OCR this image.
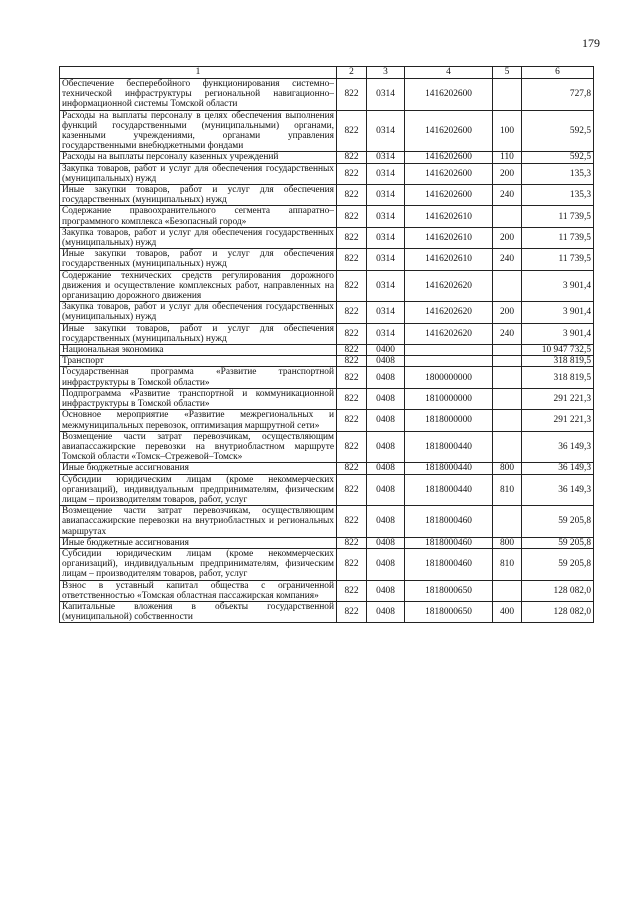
179
1	2	3	4	5	6
Обеспечение бесперебойного функционирования системно–технической инфраструктуры региональной навигационно–информационной системы Томской области	822	0314	1416202600		727,8
Расходы на выплаты персоналу в целях обеспечения выполнения функций государственными (муниципальными) органами, казенными учреждениями, органами управления государственными внебюджетными фондами	822	0314	1416202600	100	592,5
Расходы на выплаты персоналу казенных учреждений	822	0314	1416202600	110	592,5
Закупка товаров, работ и услуг для обеспечения государственных (муниципальных) нужд	822	0314	1416202600	200	135,3
Иные закупки товаров, работ и услуг для обеспечения государственных (муниципальных) нужд	822	0314	1416202600	240	135,3
Содержание правоохранительного сегмента аппаратно–программного комплекса «Безопасный город»	822	0314	1416202610		11 739,5
Закупка товаров, работ и услуг для обеспечения государственных (муниципальных) нужд	822	0314	1416202610	200	11 739,5
Иные закупки товаров, работ и услуг для обеспечения государственных (муниципальных) нужд	822	0314	1416202610	240	11 739,5
Содержание технических средств регулирования дорожного движения и осуществление комплексных работ, направленных на организацию дорожного движения	822	0314	1416202620		3 901,4
Закупка товаров, работ и услуг для обеспечения государственных (муниципальных) нужд	822	0314	1416202620	200	3 901,4
Иные закупки товаров, работ и услуг для обеспечения государственных (муниципальных) нужд	822	0314	1416202620	240	3 901,4
Национальная экономика	822	0400			10 947 732,5
Транспорт	822	0408			318 819,5
Государственная программа «Развитие транспортной инфраструктуры в Томской области»	822	0408	1800000000		318 819,5
Подпрограмма «Развитие транспортной и коммуникационной инфраструктуры в Томской области»	822	0408	1810000000		291 221,3
Основное мероприятие «Развитие межрегиональных и межмуниципальных перевозок, оптимизация маршрутной сети»	822	0408	1818000000		291 221,3
Возмещение части затрат перевозчикам, осуществляющим авиапассажирские перевозки на внутриобластном маршруте Томской области «Томск–Стрежевой–Томск»	822	0408	1818000440		36 149,3
Иные бюджетные ассигнования	822	0408	1818000440	800	36 149,3
Субсидии юридическим лицам (кроме некоммерческих организаций), индивидуальным предпринимателям, физическим лицам – производителям товаров, работ, услуг	822	0408	1818000440	810	36 149,3
Возмещение части затрат перевозчикам, осуществляющим авиапассажирские перевозки на внутриобластных и региональных маршрутах	822	0408	1818000460		59 205,8
Иные бюджетные ассигнования	822	0408	1818000460	800	59 205,8
Субсидии юридическим лицам (кроме некоммерческих организаций), индивидуальным предпринимателям, физическим лицам – производителям товаров, работ, услуг	822	0408	1818000460	810	59 205,8
Взнос в уставный капитал общества с ограниченной ответственностью «Томская областная пассажирская компания»	822	0408	1818000650		128 082,0
Капитальные вложения в объекты государственной (муниципальной) собственности	822	0408	1818000650	400	128 082,0
